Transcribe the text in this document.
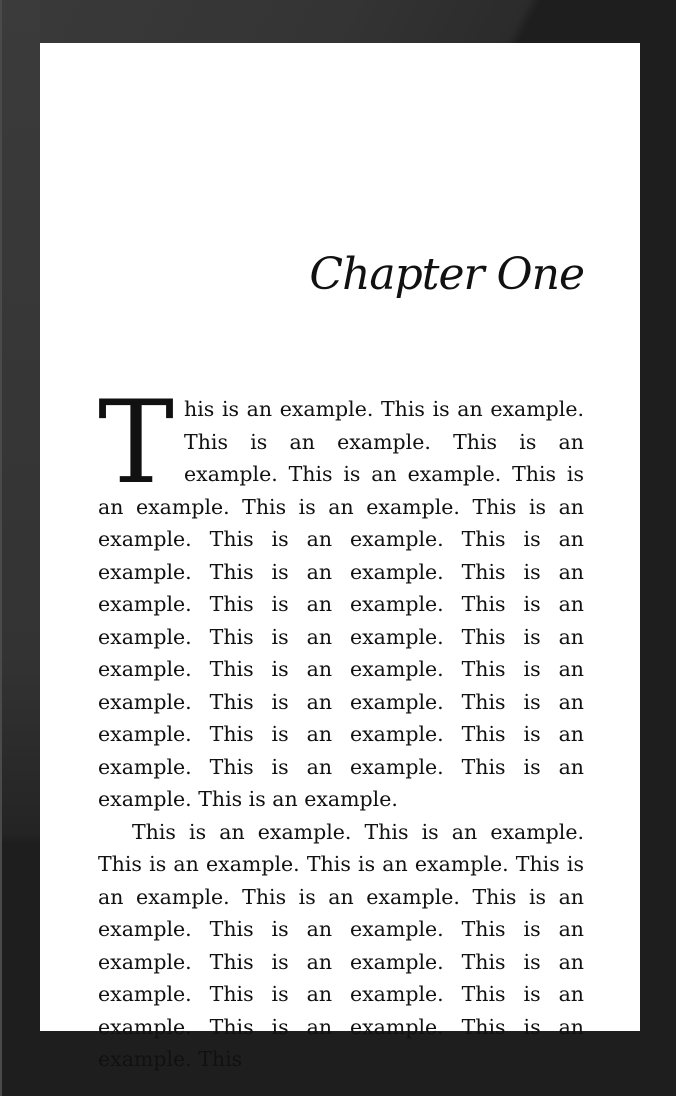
Chapter One

This is an example. This is an example. This is an example. This is an example. This is an example. This is an example. This is an example. This is an example. This is an example. This is an example. This is an example. This is an example. This is an example. This is an example. This is an example. This is an example. This is an example. This is an example. This is an example. This is an example. This is an example. This is an example. This is an example. This is an example. This is an example.

This is an example. This is an example. This is an example. This is an example. This is an example. This is an example. This is an example. This is an example. This is an example. This is an example. This is an example. This is an example. This is an example. This is an example. This is an example. This
